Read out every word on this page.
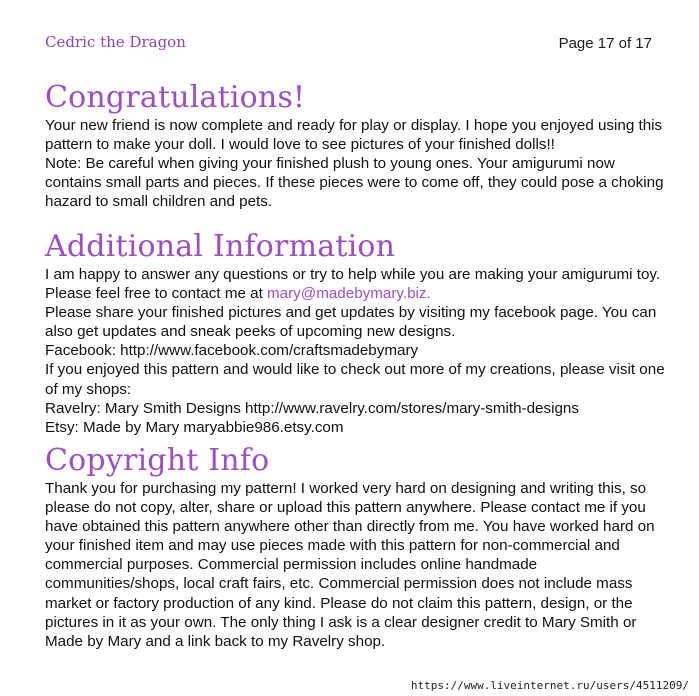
Cedric the Dragon	Page 17 of 17
Congratulations!

Your new friend is now complete and ready for play or display. I hope you enjoyed using this pattern to make your doll. I would love to see pictures of your finished dolls!!

Note: Be careful when giving your finished plush to young ones. Your amigurumi now contains small parts and pieces. If these pieces were to come off, they could pose a choking hazard to small children and pets.

Additional Information

I am happy to answer any questions or try to help while you are making your amigurumi toy. Please feel free to contact me at mary@madebymary.biz.

Please share your finished pictures and get updates by visiting my facebook page. You can also get updates and sneak peeks of upcoming new designs.

Facebook: http://www.facebook.com/craftsmadebymary

If you enjoyed this pattern and would like to check out more of my creations, please visit one of my shops:

Ravelry: Mary Smith Designs http://www.ravelry.com/stores/mary-smith-designs

Etsy: Made by Mary maryabbie986.etsy.com

Copyright Info

Thank you for purchasing my pattern! I worked very hard on designing and writing this, so please do not copy, alter, share or upload this pattern anywhere. Please contact me if you have obtained this pattern anywhere other than directly from me. You have worked hard on your finished item and may use pieces made with this pattern for non-commercial and commercial purposes. Commercial permission includes online handmade communities/shops, local craft fairs, etc. Commercial permission does not include mass market or factory production of any kind. Please do not claim this pattern, design, or the pictures in it as your own. The only thing I ask is a clear designer credit to Mary Smith or Made by Mary and a link back to my Ravelry shop.

https://www.liveinternet.ru/users/4511209/
